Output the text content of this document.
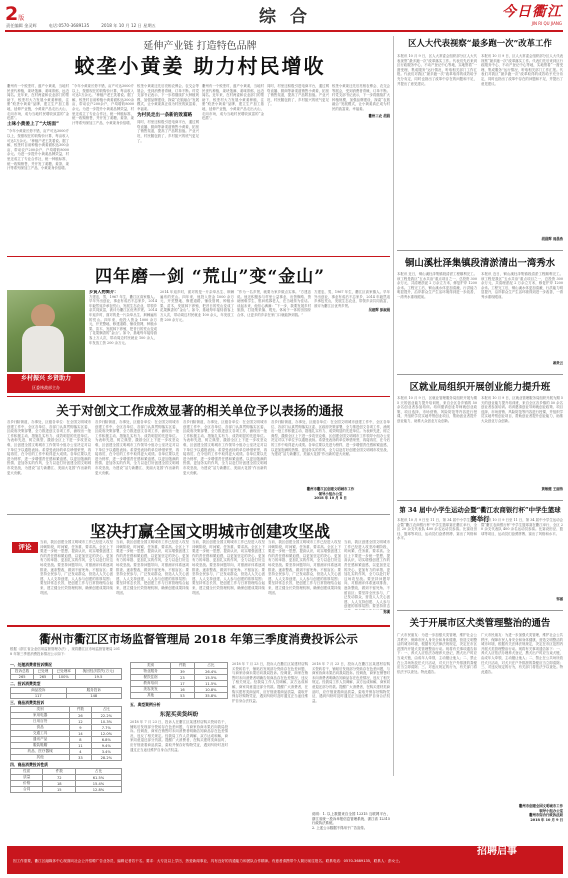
2 版	综 合	今日衢江
JIN RI QU JIANG
责任编辑 金灵辉	电话:0570-3689135	2018 年 10 月 12 日 星期五
延伸产业链 打造特色品牌
蛟垄小黄姜 助力村民增收
衢州有一个蛟垄村，盛产小黄姜，当地村民世代种植，姜块饱满、姜味浓郁，远近闻名。近年来，在村两委和农业部门的帮助下，蛟垄村大力发展小黄姜种植，注册“蛟垄小黄姜”品牌，建立生产加工基地，延伸产业链，小黄姜产品走出大山，走向市场，成为当地村民增收致富的“金疙瘩”。
土味小黄姜上了“大场面”
“今年小黄姜长势不错，亩产可达3000斤以上，按照现在的收购价计算，每亩收入可达1万余元。”种植户老王笑着说。据了解，蛟垄村目前种植小黄姜面积达300余亩，带动农户200余户，户均增收8000余元。为进一步提升小黄姜品牌效益，村里还成立了专业合作社，统一种植标准、统一收购销售，并开发了姜糖、姜茶、姜汁等系列深加工产品，小黄姜身价倍增。
“今年小黄姜长势不错，亩产可达3000斤以上，按照现在的收购价计算，每亩收入可达1万余元。”种植户老王笑着说。据了解，蛟垄村目前种植小黄姜面积达300余亩，带动农户200余户，户均增收8000余元。为进一步提升小黄姜品牌效益，村里还成立了专业合作社，统一种植标准、统一收购销售，并开发了姜糖、姜茶、姜汁等系列深加工产品，小黄姜身价倍增。
蛟垄小黄姜还先后亮相农博会、农交会等展会，受到消费者青睐，订单不断。村党支部书记表示，下一步将继续扩大种植规模，加强品牌建设，探索“农旅融合”发展模式，让小黄姜真正成为村民的致富姜、幸福姜。
为村民走出一条新的致富路
同时，村里还积极引进电商平台，通过网络直播、微商等新渠道销售小黄姜，拓宽了销售渠道，提高了产品附加值。产业兴旺，村民腰包鼓了，乡村振兴的底气更足了。
衢州有一个蛟垄村，盛产小黄姜，当地村民世代种植，姜块饱满、姜味浓郁，远近闻名。近年来，在村两委和农业部门的帮助下，蛟垄村大力发展小黄姜种植，注册“蛟垄小黄姜”品牌，建立生产加工基地，延伸产业链，小黄姜产品走出大山，走向市场，成为当地村民增收致富的“金疙瘩”。
同时，村里还积极引进电商平台，通过网络直播、微商等新渠道销售小黄姜，拓宽了销售渠道，提高了产品附加值。产业兴旺，村民腰包鼓了，乡村振兴的底气更足了。
蛟垄小黄姜还先后亮相农博会、农交会等展会，受到消费者青睐，订单不断。村党支部书记表示，下一步将继续扩大种植规模，加强品牌建设，探索“农旅融合”发展模式，让小黄姜真正成为村民的致富姜、幸福姜。
衢州三农 胡晨
四年磨一剑 “荒山”变“金山”
乡村振兴 乡贤助力
区委统战部主办
乡贤人物简介：
方建忠，男，1967 年生，衢江区高家镇人。早年外出创业，事业有成后不忘家乡，2014 年毅然返乡承包荒山，发展生态农业，带领乡亲共同致富，被评为衢江区优秀乡贤。 2014 年返乡时，面对的是一片杂草丛生、荆棘遍布的荒山。四年来，他投入资金 1000 余万元，开荒整地、修建道路、铺设管网，种植水果、苗木，发展林下养殖，把昔日的荒山变成了花果飘香的“金山”。如今，基地每年接待游客上万人次，带动周边村民就业 100 余人，年发放工资 200 余万元。
2014 年返乡时，面对的是一片杂草丛生、荆棘遍布的荒山。四年来，他投入资金 1000 余万元，开荒整地、修建道路、铺设管网，种植水果、苗木，发展林下养殖，把昔日的荒山变成了花果飘香的“金山”。如今，基地每年接待游客上万人次，带动周边村民就业 100 余人，年发放工资 200 余万元。
“作为一名乡贤，就要为家乡做点实事。”方建忠说。他还积极参与村里公益事业，出资修路、资助困难学生、慰问孤寡老人，在当地传为佳话。谈起未来，他信心满满：“下一步，我要发展乡村旅游，打造集采摘、观光、休闲于一体的田园综合体，让更多的乡亲在家门口就能挣到钱。”
方建忠，男，1967 年生，衢江区高家镇人。早年外出创业，事业有成后不忘家乡，2014 年毅然返乡承包荒山，发展生态农业，带领乡亲共同致富，被评为衢江区优秀乡贤。
吴建辉 彭淑娟
关于对创文工作成效显著的相关单位予以表扬的通报
各乡(镇)街道，办事处，区级各单位：在全国文明城市创建工作中，全区各单位、各部门认真贯彻落实区委、区政府决策部署，全力推进创文各项工作，涌现出一批工作积极主动、措施扎实有力、成效明显的先进单位。为表彰先进，树立典型，激励全区上下进一步攻坚克难，区创建全国文明城市工作领导小组办公室决定对以下单位予以通报表扬。希望受表扬的单位珍惜荣誉，再接再厉，在今后的工作中取得更大成绩。各单位要以先进为榜样，进一步增强责任感和紧迫感，以更加饱满的热情、更加务实的作风，全力以赴打好创建全国文明城市攻坚战，为建设“活力新衢江、美丽大花园”作出新的更大贡献。
各乡(镇)街道，办事处，区级各单位：在全国文明城市创建工作中，全区各单位、各部门认真贯彻落实区委、区政府决策部署，全力推进创文各项工作，涌现出一批工作积极主动、措施扎实有力、成效明显的先进单位。为表彰先进，树立典型，激励全区上下进一步攻坚克难，区创建全国文明城市工作领导小组办公室决定对以下单位予以通报表扬。希望受表扬的单位珍惜荣誉，再接再厉，在今后的工作中取得更大成绩。各单位要以先进为榜样，进一步增强责任感和紧迫感，以更加饱满的热情、更加务实的作风，全力以赴打好创建全国文明城市攻坚战，为建设“活力新衢江、美丽大花园”作出新的更大贡献。
各乡(镇)街道，办事处，区级各单位：在全国文明城市创建工作中，全区各单位、各部门认真贯彻落实区委、区政府决策部署，全力推进创文各项工作，涌现出一批工作积极主动、措施扎实有力、成效明显的先进单位。为表彰先进，树立典型，激励全区上下进一步攻坚克难，区创建全国文明城市工作领导小组办公室决定对以下单位予以通报表扬。希望受表扬的单位珍惜荣誉，再接再厉，在今后的工作中取得更大成绩。各单位要以先进为榜样，进一步增强责任感和紧迫感，以更加饱满的热情、更加务实的作风，全力以赴打好创建全国文明城市攻坚战，为建设“活力新衢江、美丽大花园”作出新的更大贡献。
各乡(镇)街道，办事处，区级各单位：在全国文明城市创建工作中，全区各单位、各部门认真贯彻落实区委、区政府决策部署，全力推进创文各项工作，涌现出一批工作积极主动、措施扎实有力、成效明显的先进单位。为表彰先进，树立典型，激励全区上下进一步攻坚克难，区创建全国文明城市工作领导小组办公室决定对以下单位予以通报表扬。希望受表扬的单位珍惜荣誉，再接再厉，在今后的工作中取得更大成绩。各单位要以先进为榜样，进一步增强责任感和紧迫感，以更加饱满的热情、更加务实的作风，全力以赴打好创建全国文明城市攻坚战，为建设“活力新衢江、美丽大花园”作出新的更大贡献。
衢州市衢江区创建文明城市工作
领导小组办公室
2018 年 10 月 8 日
坚决打赢全国文明城市创建攻坚战
评论
当前，我区创建全国文明城市工作已经进入攻坚冲刺阶段，时间紧、任务重、要求高。全区上下要进一步统一思想、提高认识，切实增强创建工作的责任感和紧迫感，以更加坚定的决心、更加有力的举措、更加扎实的作风，全力以赴打好这场攻坚战。要坚持问题导向，对照测评体系逐项排查、逐条整改，做到不留死角、不留盲区；要坚持全民参与，广泛发动群众，营造人人关心创建、人人支持创建、人人参与创建的浓厚氛围；要坚持常态长效，把创建工作与日常管理结合起来，建立健全长效管理机制，确保创建成果持续巩固。
当前，我区创建全国文明城市工作已经进入攻坚冲刺阶段，时间紧、任务重、要求高。全区上下要进一步统一思想、提高认识，切实增强创建工作的责任感和紧迫感，以更加坚定的决心、更加有力的举措、更加扎实的作风，全力以赴打好这场攻坚战。要坚持问题导向，对照测评体系逐项排查、逐条整改，做到不留死角、不留盲区；要坚持全民参与，广泛发动群众，营造人人关心创建、人人支持创建、人人参与创建的浓厚氛围；要坚持常态长效，把创建工作与日常管理结合起来，建立健全长效管理机制，确保创建成果持续巩固。
当前，我区创建全国文明城市工作已经进入攻坚冲刺阶段，时间紧、任务重、要求高。全区上下要进一步统一思想、提高认识，切实增强创建工作的责任感和紧迫感，以更加坚定的决心、更加有力的举措、更加扎实的作风，全力以赴打好这场攻坚战。要坚持问题导向，对照测评体系逐项排查、逐条整改，做到不留死角、不留盲区；要坚持全民参与，广泛发动群众，营造人人关心创建、人人支持创建、人人参与创建的浓厚氛围；要坚持常态长效，把创建工作与日常管理结合起来，建立健全长效管理机制，确保创建成果持续巩固。
当前，我区创建全国文明城市工作已经进入攻坚冲刺阶段，时间紧、任务重、要求高。全区上下要进一步统一思想、提高认识，切实增强创建工作的责任感和紧迫感，以更加坚定的决心、更加有力的举措、更加扎实的作风，全力以赴打好这场攻坚战。要坚持问题导向，对照测评体系逐项排查、逐条整改，做到不留死角、不留盲区；要坚持全民参与，广泛发动群众，营造人人关心创建、人人支持创建、人人参与创建的浓厚氛围；要坚持常态长效，把创建工作与日常管理结合起来，建立健全长效管理机制，确保创建成果持续巩固。
当前，我区创建全国文明城市工作已经进入攻坚冲刺阶段，时间紧、任务重、要求高。全区上下要进一步统一思想、提高认识，切实增强创建工作的责任感和紧迫感，以更加坚定的决心、更加有力的举措、更加扎实的作风，全力以赴打好这场攻坚战。要坚持问题导向，对照测评体系逐项排查、逐条整改，做到不留死角、不留盲区；要坚持全民参与，广泛发动群众，营造人人关心创建、人人支持创建、人人参与创建的浓厚氛围；要坚持常态
郑溪
衢州市衢江区市场监督管理局 2018 年第三季度消费投诉公示
根据《浙江省企业信用监督管理办法》，现将衢江区市场监督管理局 2018 年第三季度消费投诉情况公示如下：
一、处理消费者投诉情况
投诉总数	已处理	已处理率	挽回经济损失(万元)
265	265	100%	19.5
二、投诉消费类型
商品投诉	服务投诉
117	148
三、商品消费类投诉
类别	件数	占比
家用电器	26	22.2%
日用百货	12	10.3%
食品	9	7.7%
交通工具	14	12.0%
通讯产品	8	6.8%
服装鞋帽	11	9.4%
药品、医疗器械	4	3.4%
其他	33	28.2%
四、商品消费投诉性质
性质	件数	占比
质量	72	61.5%
价格	18	15.4%
合同	15	12.8%
类别	件数	占比
物业服务	39	26.4%
餐饮住宿	23	15.5%
教育培训	17	11.5%
美容美发	16	10.8%
其他	53	35.8%
五、典型案例分析
东泥买卖货纠纷
2018 年 7 月 23 日，投诉人在衢江区某建材店购买瓷砖若干，铺贴后发现部分瓷砖存在色差问题，与商家协商未果后向我局投诉。经调查，商家在销售时未向消费者明确告知商品存在色差情况，违反了相关规定。经我局工作人员调解，双方达成和解，商家同意退还部分货款。提醒广大消费者，在购买建材类商品时，应仔细查看商品质量，索取并保存好购物凭证，遇到纠纷时及时通过正当途径维护自身合法权益。
2018 年 7 月 23 日，投诉人在衢江区某建材店购买瓷砖若干，铺贴后发现部分瓷砖存在色差问题，与商家协商未果后向我局投诉。经调查，商家在销售时未向消费者明确告知商品存在色差情况，违反了相关规定。经我局工作人员调解，双方达成和解，商家同意退还部分货款。提醒广大消费者，在购买建材类商品时，应仔细查看商品质量，索取并保存好购物凭证，遇到纠纷时及时通过正当途径维护自身合法权益。
2018 年 7 月 23 日，投诉人在衢江区某建材店购买瓷砖若干，铺贴后发现部分瓷砖存在色差问题，与商家协商未果后向我局投诉。经调查，商家在销售时未向消费者明确告知商品存在色差情况，违反了相关规定。经我局工作人员调解，双方达成和解，商家同意退还部分货款。提醒广大消费者，在购买建材类商品时，应仔细查看商品质量，索取并保存好购物凭证，遇到纠纷时及时通过正当途径维护自身合法权益。
说明：1. 以上数据来自全国 12315 互联网平台，浙江省统一投诉举报信息管理系统、浙江省 12315 行政执法系统。
2. 上述公示数据不得用于广告宣传。
区人大代表视察“最多跑一次”改革工作
本报讯 10 月 9 日，区人大常委会组织部分区人大代表视察“最多跑一次”改革落实工作。代表们先后来到区行政服务中心、不动产登记中心等地，实地察看“一窗受理、集成服务”运行情况，听取相关部门工作汇报。代表们对我区“最多跑一次”改革取得的成效给予充分肯定，同时也指出了改革中存在的问题和不足，并提出了意见建议。
本报讯 10 月 9 日，区人大常委会组织部分区人大代表视察“最多跑一次”改革落实工作。代表们先后来到区行政服务中心、不动产登记中心等地，实地察看“一窗受理、集成服务”运行情况，听取相关部门工作汇报。代表们对我区“最多跑一次”改革取得的成效给予充分肯定，同时也指出了改革中存在的问题和不足，并提出了意见建议。
胡晨辉 周晨浩
铜山溪杜泽集镇段清淤清出一湾秀水
本报讯 近日，铜山溪杜泽集镇段清淤工程顺利完工。该工程是我区“五水共治”重点项目之一，总投资 300 余万元，共清理淤泥 2 万余立方米，修复护岸 1200 余米。工程完工后，铜山溪水体更加清澈，行洪能力明显提升，沿岸群众生产生活环境得到进一步改善，一湾秀水重现眼前。
本报讯 近日，铜山溪杜泽集镇段清淤工程顺利完工。该工程是我区“五水共治”重点项目之一，总投资 300 余万元，共清理淤泥 2 万余立方米，修复护岸 1200 余米。工程完工后，铜山溪水体更加清澈，行洪能力明显提升，沿岸群众生产生活环境得到进一步改善，一湾秀水重现眼前。
戚贵云
区就业局组织开展创业能力提升班
本报讯 10 月 9 日，区就业管理服务局组织开展为期 5 天的创业能力提升培训班，来自全区各乡镇的 50 余名创业者参加培训。培训邀请创业导师就创业政策、项目选择、市场营销、风险防范等内容进行授课，并组织学员实地考察创业项目，帮助创业者提升创业能力，助推大众创业万众创新。
本报讯 10 月 9 日，区就业管理服务局组织开展为期 5 天的创业能力提升培训班，来自全区各乡镇的 50 余名创业者参加培训。培训邀请创业导师就创业政策、项目选择、市场营销、风险防范等内容进行授课，并组织学员实地考察创业项目，帮助创业者提升创业能力，助推大众创业万众创新。
黄敏健 王丽伟
第 34 届中小学生运动会暨“衢江农商银行杯”中学生篮球赛举行
本报讯 10 月 9 日至 11 日，第 34 届中小学生运动会暨“衢江农商银行杯”中学生篮球赛在衢江举行，全区 20 余支代表队 400 余名运动员参赛。比赛设田径、篮球等项目，运动员们奋勇拼搏、赛出了风格和水平。
本报讯 10 月 9 日至 11 日，第 34 届中小学生运动会暨“衢江农商银行杯”中学生篮球赛在衢江举行，全区 20 余支代表队 400 余名运动员参赛。比赛设田径、篮球等项目，运动员们奋勇拼搏、赛出了风格和水平。
邹丽
关于开展市区犬类管理整治的通告
广大市民朋友：为进一步加强犬类管理，维护社会公共秩序，保障市民人身安全和身体健康，营造文明整洁的城市环境，根据有关法律法规规定，决定在市区范围内开展犬类管理整治行动。现将有关事项通告如下：一、养犬人应依法办理养犬登记，携犬出户时应当束犬链，由成年人牵领，主动避让他人；二、禁止在公共场所放任犬只活动，对犬只在户外排泄的粪便应当立即清除；三、对违反规定的行为，有关部门将依法予以查处。特此通告。
广大市民朋友：为进一步加强犬类管理，维护社会公共秩序，保障市民人身安全和身体健康，营造文明整洁的城市环境，根据有关法律法规规定，决定在市区范围内开展犬类管理整治行动。现将有关事项通告如下：一、养犬人应依法办理养犬登记，携犬出户时应当束犬链，由成年人牵领，主动避让他人；二、禁止在公共场所放任犬只活动，对犬只在户外排泄的粪便应当立即清除；三、对违反规定的行为，有关部门将依法予以查处。特此通告。
衢州市创建全国文明城市工作
领导小组办公室
衢州市综合行政执法局
2018 年 10 月 9 日
招聘启事
因工作需要，衢江区融媒体中心现面向社会公开招聘广告业务员、编辑记者若干名。要求：大专及以上学历，热爱新闻事业，具有良好的沟通能力和团队合作精神。有意者请携带个人简历前往报名。联系电话：0570-3689135，联系人：彭女士。
